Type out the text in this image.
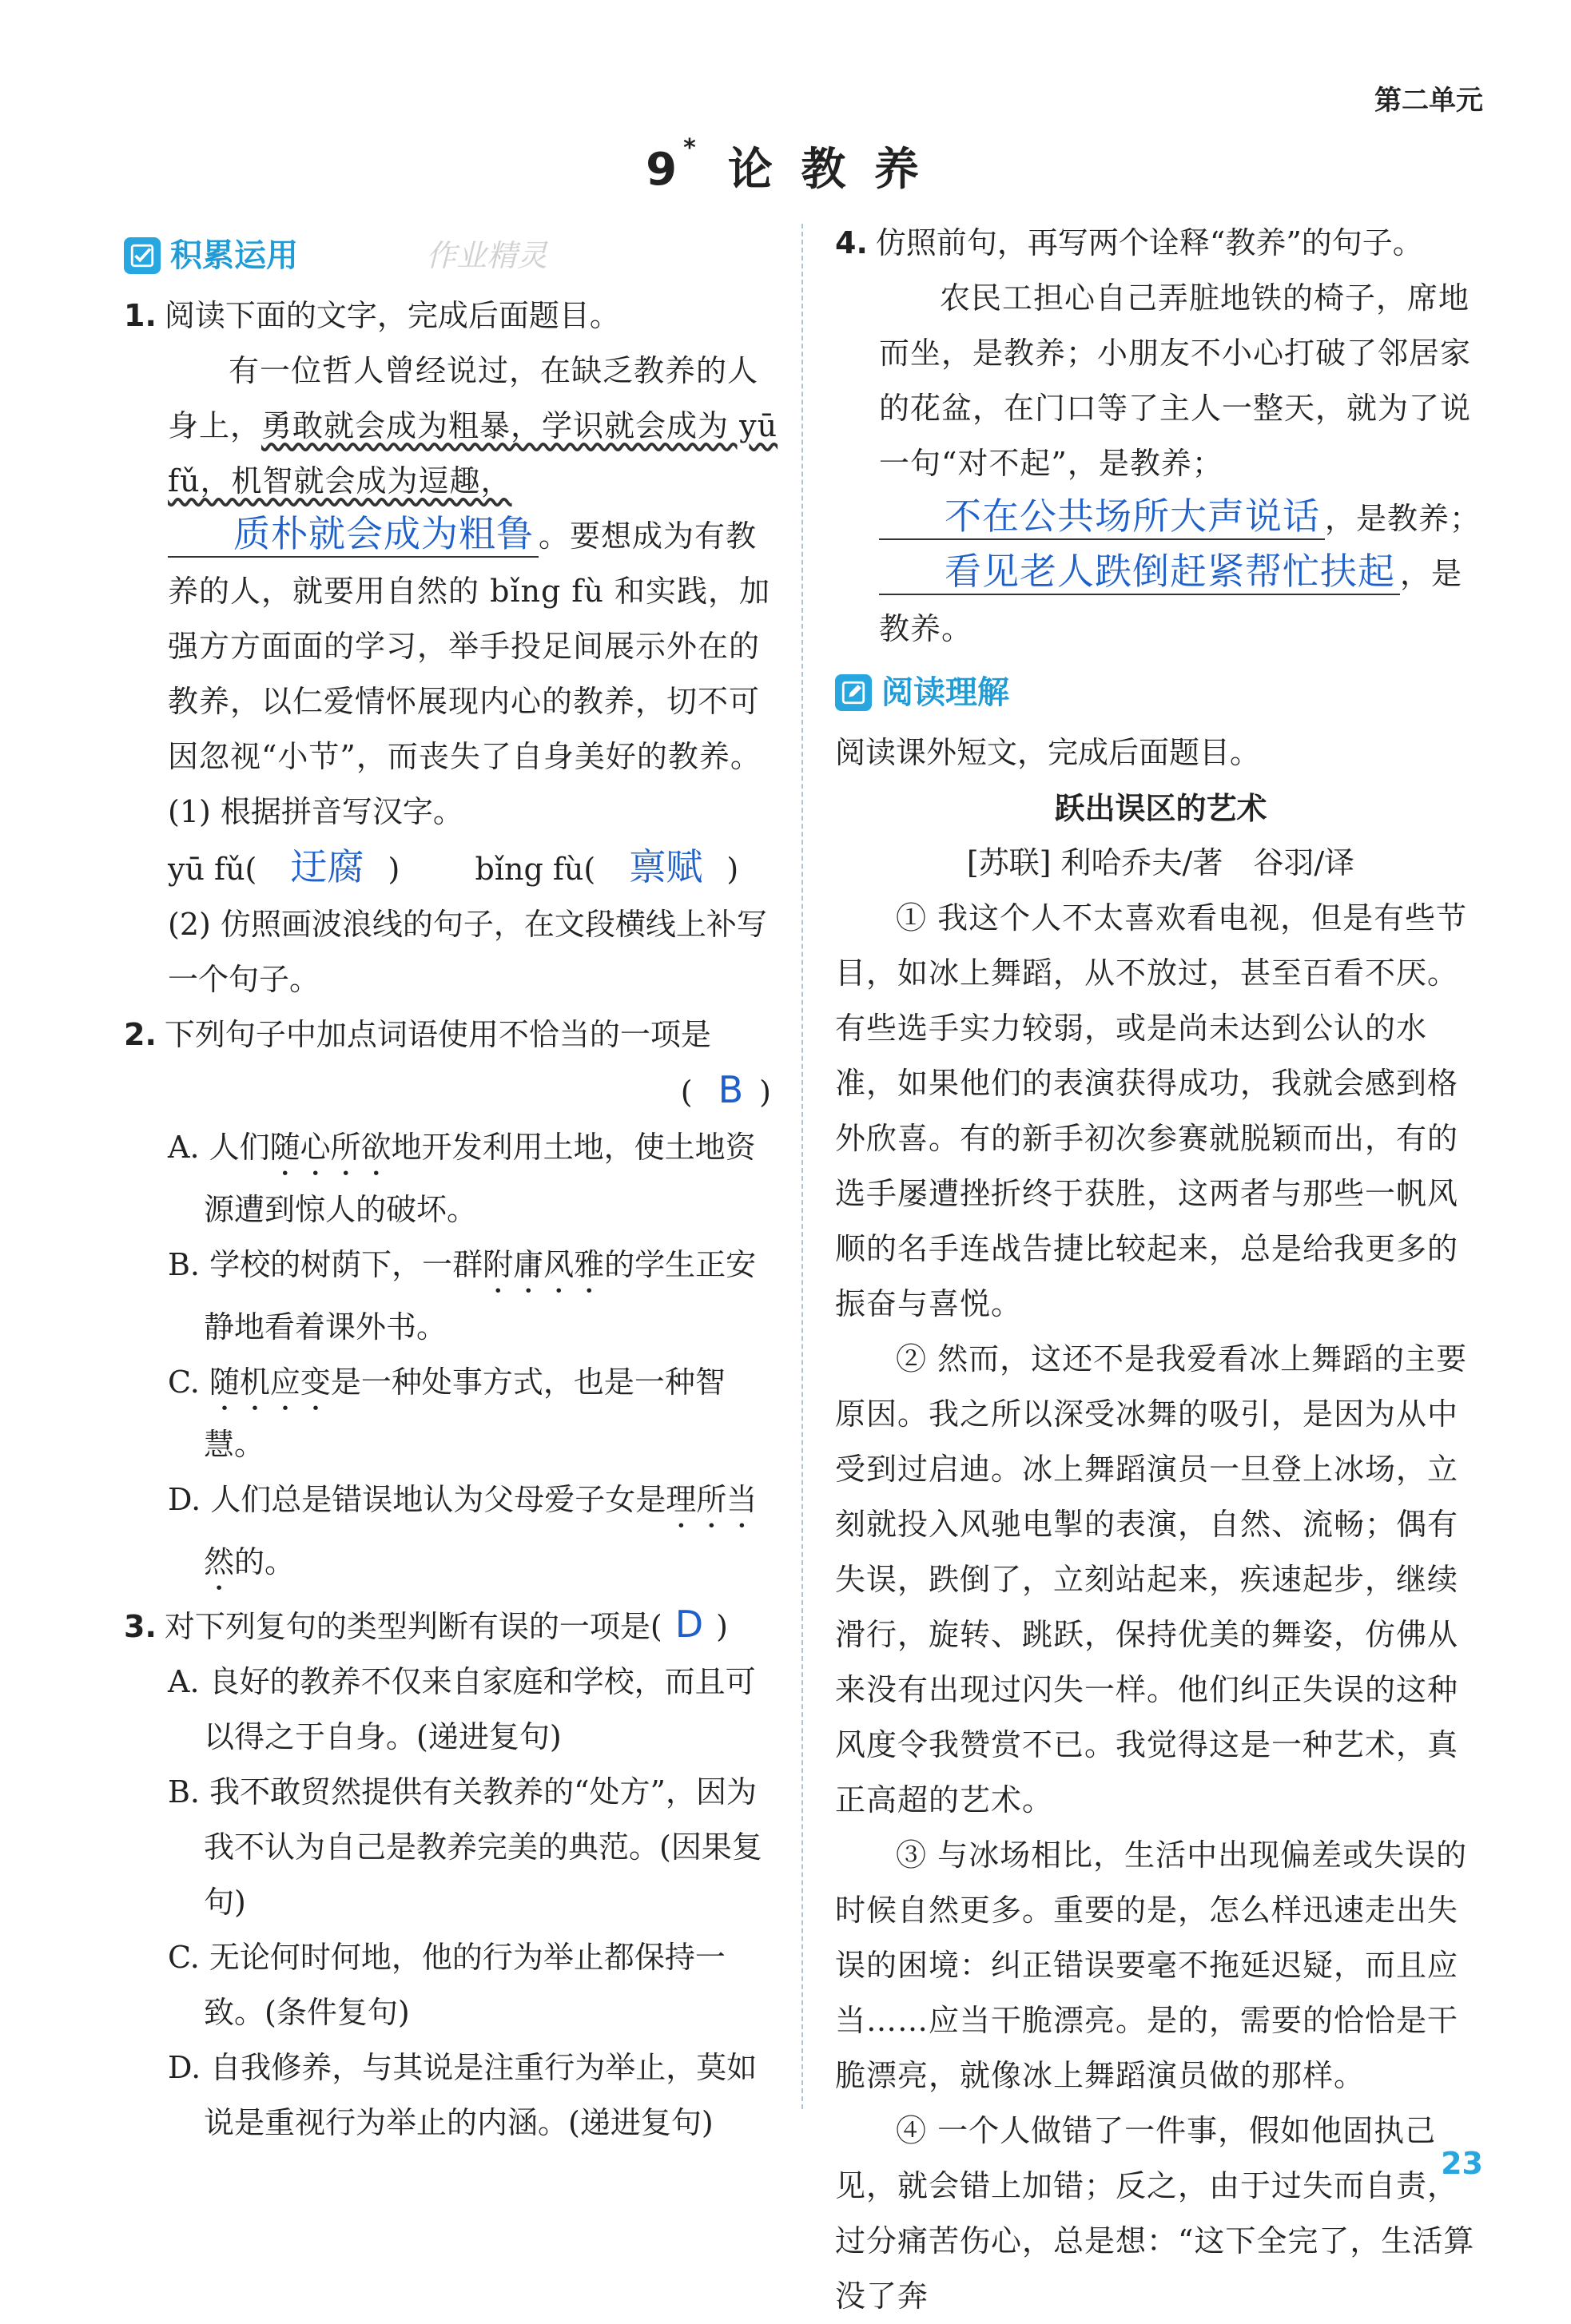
第二单元
9* 论 教 养
积累运用	作业精灵
1. 阅读下面的文字，完成后面题目。
有一位哲人曾经说过，在缺乏教养的人身上，勇敢就会成为粗暴，学识就会成为 yū fǔ，机智就会成为逗趣，质朴就会成为粗鲁 。要想成为有教养的人，就要用自然的 bǐng fù 和实践，加强方方面面的学习，举手投足间展示外在的教养，以仁爱情怀展现内心的教养，切不可因忽视“小节”，而丧失了自身美好的教养。
(1) 根据拼音写汉字。
yū fǔ( 迂腐 ) bǐng fù( 禀赋 )
(2) 仿照画波浪线的句子，在文段横线上补写一个句子。
2. 下列句子中加点词语使用不恰当的一项是
( B )
A. 人们随心所欲地开发利用土地，使土地资源遭到惊人的破坏。
B. 学校的树荫下，一群附庸风雅的学生正安静地看着课外书。
C. 随机应变是一种处事方式，也是一种智慧。
D. 人们总是错误地认为父母爱子女是理所当然的。
3. 对下列复句的类型判断有误的一项是( D )
A. 良好的教养不仅来自家庭和学校，而且可以得之于自身。(递进复句)
B. 我不敢贸然提供有关教养的“处方”，因为我不认为自己是教养完美的典范。(因果复句)
C. 无论何时何地，他的行为举止都保持一致。(条件复句)
D. 自我修养，与其说是注重行为举止，莫如说是重视行为举止的内涵。(递进复句)
4. 仿照前句，再写两个诠释“教养”的句子。
农民工担心自己弄脏地铁的椅子，席地而坐，是教养；小朋友不小心打破了邻居家的花盆，在门口等了主人一整天，就为了说一句“对不起”，是教养；不在公共场所大声说话 ，是教养；看见老人跌倒赶紧帮忙扶起 ，是教养。
阅读理解
阅读课外短文，完成后面题目。
跃出误区的艺术
[苏联] 利哈乔夫/著　谷羽/译
① 我这个人不太喜欢看电视，但是有些节目，如冰上舞蹈，从不放过，甚至百看不厌。有些选手实力较弱，或是尚未达到公认的水准，如果他们的表演获得成功，我就会感到格外欣喜。有的新手初次参赛就脱颖而出，有的选手屡遭挫折终于获胜，这两者与那些一帆风顺的名手连战告捷比较起来，总是给我更多的振奋与喜悦。
② 然而，这还不是我爱看冰上舞蹈的主要原因。我之所以深受冰舞的吸引，是因为从中受到过启迪。冰上舞蹈演员一旦登上冰场，立刻就投入风驰电掣的表演，自然、流畅；偶有失误，跌倒了，立刻站起来，疾速起步，继续滑行，旋转、跳跃，保持优美的舞姿，仿佛从来没有出现过闪失一样。他们纠正失误的这种风度令我赞赏不已。我觉得这是一种艺术，真正高超的艺术。
③ 与冰场相比，生活中出现偏差或失误的时候自然更多。重要的是，怎么样迅速走出失误的困境：纠正错误要毫不拖延迟疑，而且应当……应当干脆漂亮。是的，需要的恰恰是干脆漂亮，就像冰上舞蹈演员做的那样。
④ 一个人做错了一件事，假如他固执己见，就会错上加错；反之，由于过失而自责，过分痛苦伤心，总是想：“这下全完了，生活算没了奔
23
